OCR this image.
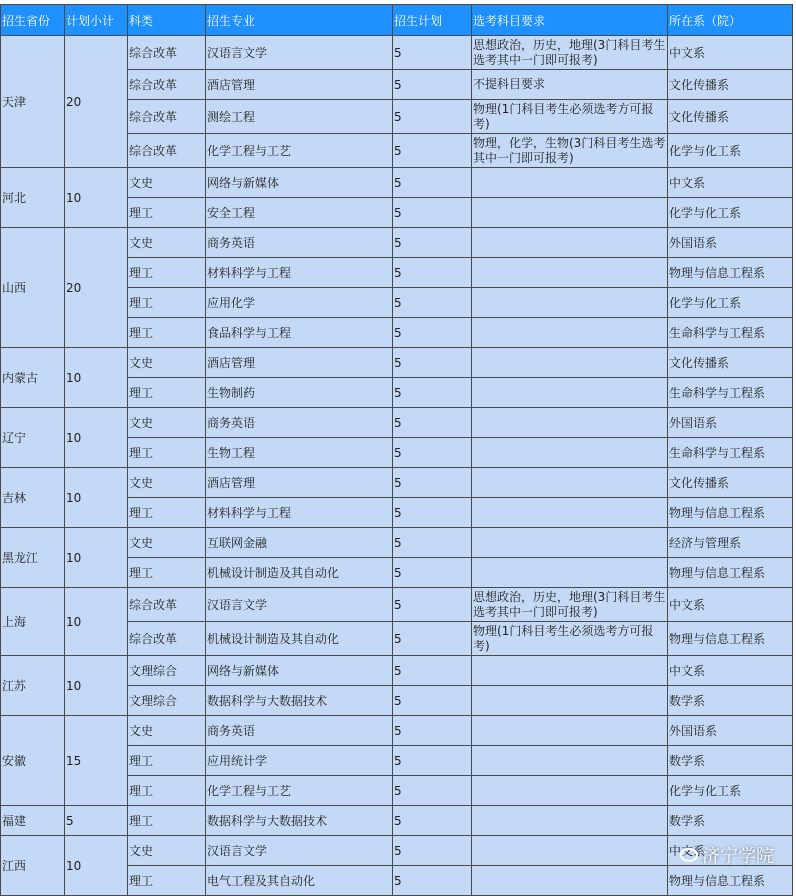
招生省份	计划小计	科类	招生专业	招生计划	选考科目要求	所在系（院）
天津	20	综合改革	汉语言文学	5	思想政治，历史，地理(3门科目考生选考其中一门即可报考)	中文系
		综合改革	酒店管理	5	不提科目要求	文化传播系
		综合改革	测绘工程	5	物理(1门科目考生必须选考方可报考)	文化传播系
		综合改革	化学工程与工艺	5	物理，化学，生物(3门科目考生选考其中一门即可报考)	化学与化工系
河北	10	文史	网络与新媒体	5		中文系
		理工	安全工程	5		化学与化工系
山西	20	文史	商务英语	5		外国语系
		理工	材料科学与工程	5		物理与信息工程系
		理工	应用化学	5		化学与化工系
		理工	食品科学与工程	5		生命科学与工程系
内蒙古	10	文史	酒店管理	5		文化传播系
		理工	生物制药	5		生命科学与工程系
辽宁	10	文史	商务英语	5		外国语系
		理工	生物工程	5		生命科学与工程系
吉林	10	文史	酒店管理	5		文化传播系
		理工	材料科学与工程	5		物理与信息工程系
黑龙江	10	文史	互联网金融	5		经济与管理系
		理工	机械设计制造及其自动化	5		物理与信息工程系
上海	10	综合改革	汉语言文学	5	思想政治，历史，地理(3门科目考生选考其中一门即可报考)	中文系
		综合改革	机械设计制造及其自动化	5	物理(1门科目考生必须选考方可报考)	物理与信息工程系
江苏	10	文理综合	网络与新媒体	5		中文系
		文理综合	数据科学与大数据技术	5		数学系
安徽	15	文史	商务英语	5		外国语系
		理工	应用统计学	5		数学系
		理工	化学工程与工艺	5		化学与化工系
福建	5	理工	数据科学与大数据技术	5		数学系
江西	10	文史	汉语言文学	5		中文系
		理工	电气工程及其自动化	5		物理与信息工程系
济宁学院
